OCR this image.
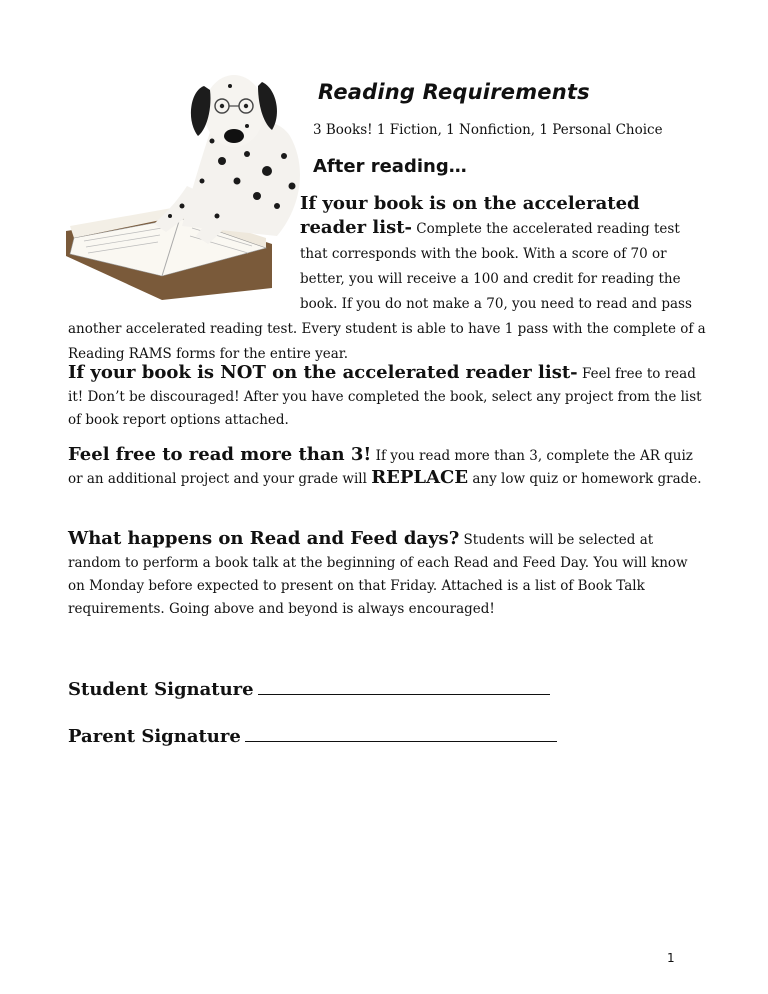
Reading Requirements
3 Books! 1 Fiction, 1 Nonfiction, 1 Personal Choice
After reading…

If your book is on the accelerated reader list- Complete the accelerated reading test that corresponds with the book. With a score of 70 or better, you will receive a 100 and credit for reading the book. If you do not make a 70, you need to read and pass another accelerated reading test. Every student is able to have 1 pass with the complete of a Reading RAMS forms for the entire year.

If your book is NOT on the accelerated reader list- Feel free to read it! Don’t be discouraged! After you have completed the book, select any project from the list of book report options attached.

Feel free to read more than 3! If you read more than 3, complete the AR quiz or an additional project and your grade will REPLACE any low quiz or homework grade.

What happens on Read and Feed days? Students will be selected at random to perform a book talk at the beginning of each Read and Feed Day. You will know on Monday before expected to present on that Friday. Attached is a list of Book Talk requirements. Going above and beyond is always encouraged!

Student Signature
Parent Signature
1
